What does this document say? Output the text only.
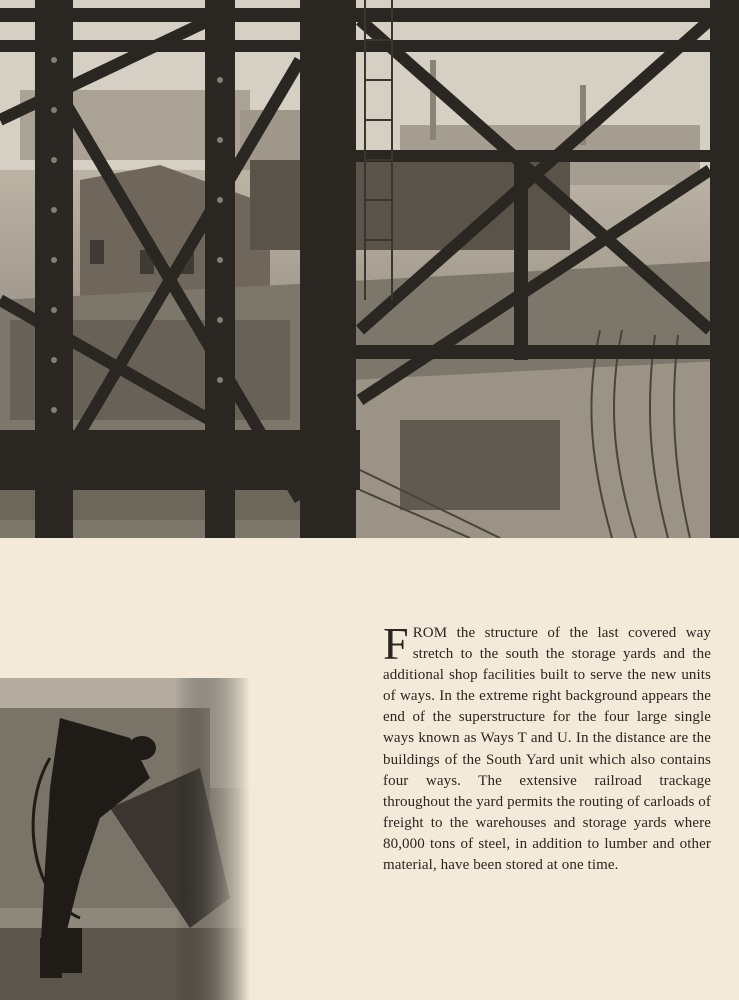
FROM the structure of the last covered way stretch to the south the storage yards and the additional shop facilities built to serve the new units of ways. In the extreme right background appears the end of the superstructure for the four large single ways known as Ways T and U. In the distance are the buildings of the South Yard unit which also contains four ways. The extensive railroad trackage throughout the yard permits the routing of carloads of freight to the warehouses and storage yards where 80,000 tons of steel, in addition to lumber and other material, have been stored at one time.
